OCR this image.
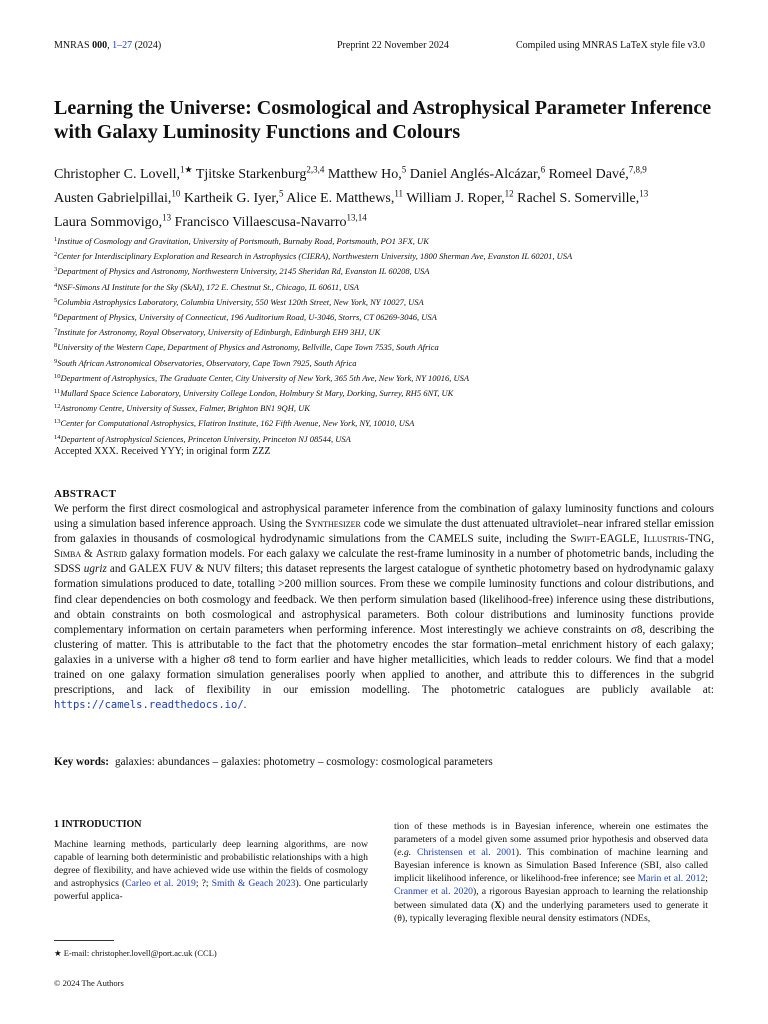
MNRAS 000, 1–27 (2024)	Preprint 22 November 2024	Compiled using MNRAS LaTeX style file v3.0
Learning the Universe: Cosmological and Astrophysical Parameter Inference with Galaxy Luminosity Functions and Colours
Christopher C. Lovell,$^{1★}$ Tjitske Starkenburg$^{2,3,4}$ Matthew Ho,$^5$ Daniel Anglés-Alcázar,$^6$ Romeel Davé,$^{7,8,9}$
Austen Gabrielpillai,$^{10}$ Kartheik G. Iyer,$^5$ Alice E. Matthews,$^{11}$ William J. Roper,$^{12}$ Rachel S. Somerville,$^{13}$
Laura Sommovigo,$^{13}$ Francisco Villaescusa-Navarro$^{13,14}$
$^1$Institue of Cosmology and Gravitation, University of Portsmouth, Burnaby Road, Portsmouth, PO1 3FX, UK
$^2$Center for Interdisciplinary Exploration and Research in Astrophysics (CIERA), Northwestern University, 1800 Sherman Ave, Evanston IL 60201, USA
$^3$Department of Physics and Astronomy, Northwestern University, 2145 Sheridan Rd, Evanston IL 60208, USA
$^4$NSF-Simons AI Institute for the Sky (SkAI), 172 E. Chestnut St., Chicago, IL 60611, USA
$^5$Columbia Astrophysics Laboratory, Columbia University, 550 West 120th Street, New York, NY 10027, USA
$^6$Department of Physics, University of Connecticut, 196 Auditorium Road, U-3046, Storrs, CT 06269-3046, USA
$^7$Institute for Astronomy, Royal Observatory, University of Edinburgh, Edinburgh EH9 3HJ, UK
$^8$University of the Western Cape, Department of Physics and Astronomy, Bellville, Cape Town 7535, South Africa
$^9$South African Astronomical Observatories, Observatory, Cape Town 7925, South Africa
$^{10}$Department of Astrophysics, The Graduate Center, City University of New York, 365 5th Ave, New York, NY 10016, USA
$^{11}$Mullard Space Science Laboratory, University College London, Holmbury St Mary, Dorking, Surrey, RH5 6NT, UK
$^{12}$Astronomy Centre, University of Sussex, Falmer, Brighton BN1 9QH, UK
$^{13}$Center for Computational Astrophysics, Flatiron Institute, 162 Fifth Avenue, New York, NY, 10010, USA
$^{14}$Departent of Astrophysical Sciences, Princeton University, Princeton NJ 08544, USA
Accepted XXX. Received YYY; in original form ZZZ
ABSTRACT
We perform the first direct cosmological and astrophysical parameter inference from the combination of galaxy luminosity functions and colours using a simulation based inference approach. Using the Synthesizer code we simulate the dust attenuated ultraviolet–near infrared stellar emission from galaxies in thousands of cosmological hydrodynamic simulations from the CAMELS suite, including the Swift-EAGLE, Illustris-TNG, Simba & Astrid galaxy formation models. For each galaxy we calculate the rest-frame luminosity in a number of photometric bands, including the SDSS ugriz and GALEX FUV & NUV filters; this dataset represents the largest catalogue of synthetic photometry based on hydrodynamic galaxy formation simulations produced to date, totalling >200 million sources. From these we compile luminosity functions and colour distributions, and find clear dependencies on both cosmology and feedback. We then perform simulation based (likelihood-free) inference using these distributions, and obtain constraints on both cosmological and astrophysical parameters. Both colour distributions and luminosity functions provide complementary information on certain parameters when performing inference. Most interestingly we achieve constraints on σ8, describing the clustering of matter. This is attributable to the fact that the photometry encodes the star formation–metal enrichment history of each galaxy; galaxies in a universe with a higher σ8 tend to form earlier and have higher metallicities, which leads to redder colours. We find that a model trained on one galaxy formation simulation generalises poorly when applied to another, and attribute this to differences in the subgrid prescriptions, and lack of flexibility in our emission modelling. The photometric catalogues are publicly available at: https://camels.readthedocs.io/.
Key words: galaxies: abundances – galaxies: photometry – cosmology: cosmological parameters
1 INTRODUCTION
Machine learning methods, particularly deep learning algorithms, are now capable of learning both deterministic and probabilistic relationships with a high degree of flexibility, and have achieved wide use within the fields of cosmology and astrophysics (Carleo et al. 2019; ?; Smith & Geach 2023). One particularly powerful applica-
tion of these methods is in Bayesian inference, wherein one estimates the parameters of a model given some assumed prior hypothesis and observed data (e.g. Christensen et al. 2001). This combination of machine learning and Bayesian inference is known as Simulation Based Inference (SBI, also called implicit likelihood inference, or likelihood-free inference; see Marin et al. 2012; Cranmer et al. 2020), a rigorous Bayesian approach to learning the relationship between simulated data (X) and the underlying parameters used to generate it (θ), typically leveraging flexible neural density estimators (NDEs,
★ E-mail: christopher.lovell@port.ac.uk (CCL)
© 2024 The Authors
